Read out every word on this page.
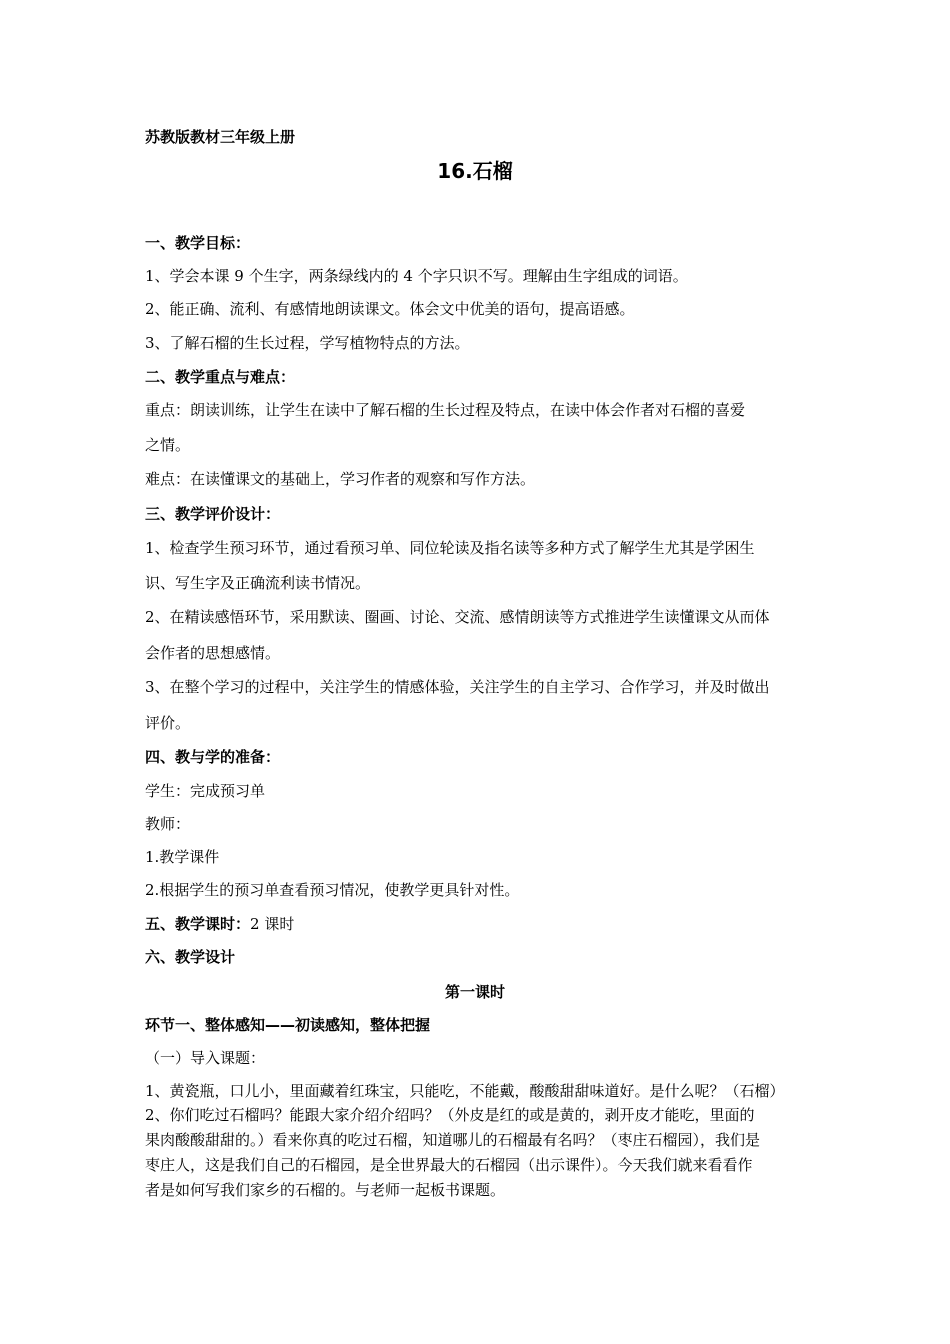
苏教版教材三年级上册
16.石榴
一、教学目标：
1、学会本课 9 个生字，两条绿线内的 4 个字只识不写。理解由生字组成的词语。
2、能正确、流利、有感情地朗读课文。体会文中优美的语句，提高语感。
3、了解石榴的生长过程，学写植物特点的方法。
二、教学重点与难点：
重点：朗读训练，让学生在读中了解石榴的生长过程及特点，在读中体会作者对石榴的喜爱
之情。
难点：在读懂课文的基础上，学习作者的观察和写作方法。
三、教学评价设计：
1、检查学生预习环节，通过看预习单、同位轮读及指名读等多种方式了解学生尤其是学困生
识、写生字及正确流利读书情况。
2、在精读感悟环节，采用默读、圈画、讨论、交流、感情朗读等方式推进学生读懂课文从而体
会作者的思想感情。
3、在整个学习的过程中，关注学生的情感体验，关注学生的自主学习、合作学习，并及时做出
评价。
四、教与学的准备：
学生：完成预习单
教师：
1.教学课件
2.根据学生的预习单查看预习情况，使教学更具针对性。
五、教学课时：2 课时
六、教学设计
第一课时
环节一、整体感知——初读感知，整体把握
（一）导入课题：
1、黄瓷瓶，口儿小，里面藏着红珠宝，只能吃，不能戴，酸酸甜甜味道好。是什么呢？（石榴）
2、你们吃过石榴吗？能跟大家介绍介绍吗？（外皮是红的或是黄的，剥开皮才能吃，里面的
果肉酸酸甜甜的。）看来你真的吃过石榴，知道哪儿的石榴最有名吗？（枣庄石榴园），我们是
枣庄人，这是我们自己的石榴园，是全世界最大的石榴园（出示课件）。今天我们就来看看作
者是如何写我们家乡的石榴的。与老师一起板书课题。
